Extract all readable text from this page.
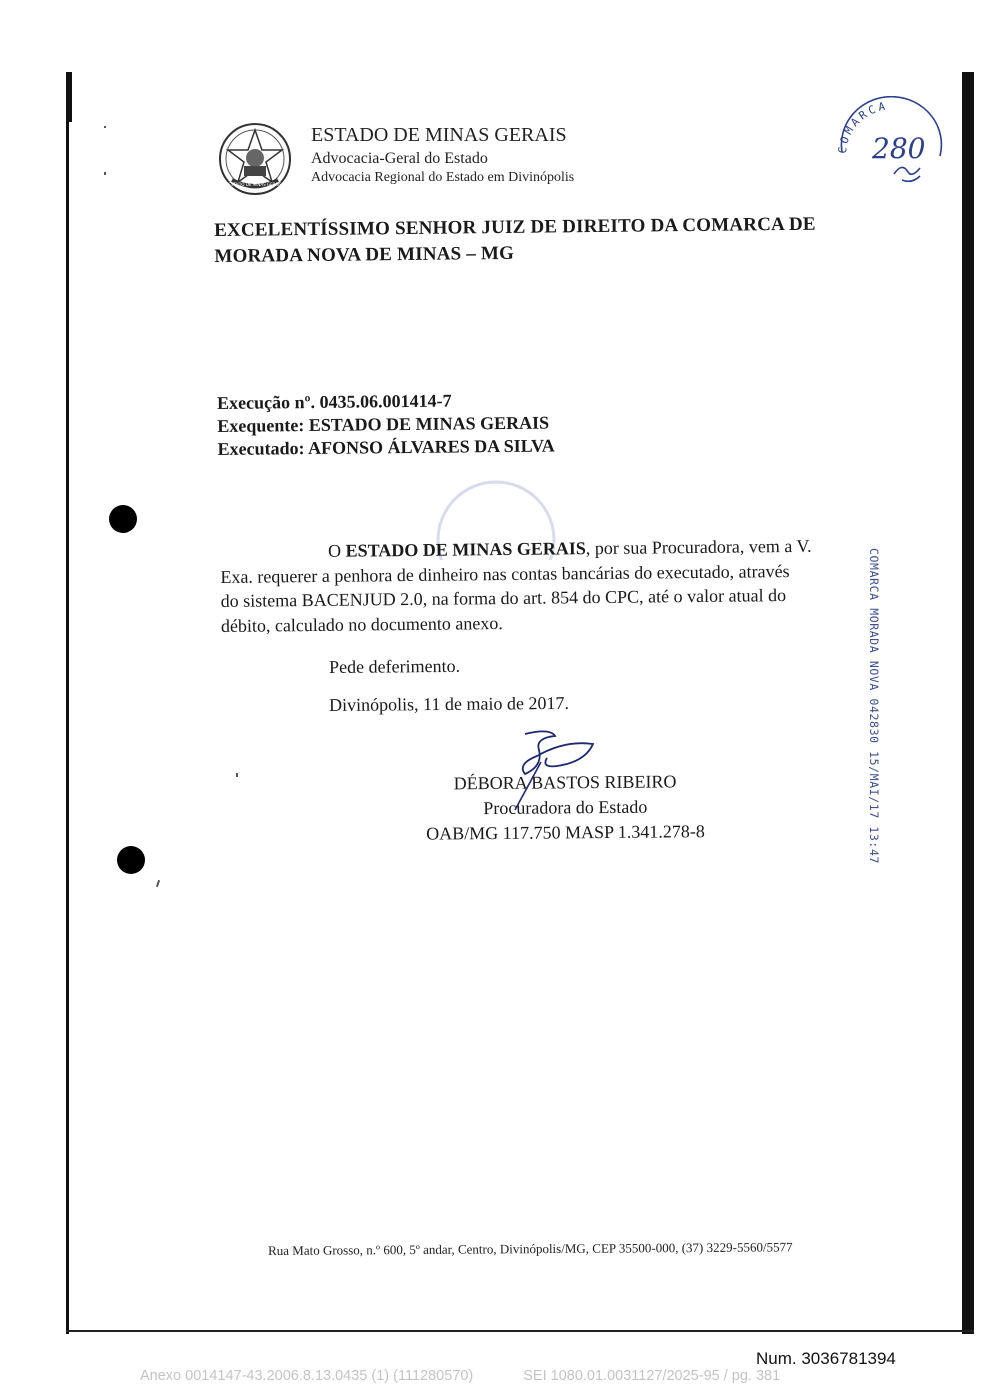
ESTADO DE MINAS GERAIS
ESTADO DE MINAS GERAIS
Advocacia-Geral do Estado
Advocacia Regional do Estado em Divinópolis
COMARCA
280
EXCELENTÍSSIMO SENHOR JUIZ DE DIREITO DA COMARCA DE
MORADA NOVA DE MINAS – MG
Execução nº. 0435.06.001414-7
Exequente: ESTADO DE MINAS GERAIS
Executado: AFONSO ÁLVARES DA SILVA
O ESTADO DE MINAS GERAIS, por sua Procuradora, vem a V.
Exa. requerer a penhora de dinheiro nas contas bancárias do executado, através
do sistema BACENJUD 2.0, na forma do art. 854 do CPC, até o valor atual do
débito, calculado no documento anexo.
Pede deferimento.
Divinópolis, 11 de maio de 2017.
DÉBORA BASTOS RIBEIRO
Procuradora do Estado
OAB/MG 117.750 MASP 1.341.278-8	COMARCA MORADA NOVA 042830 15/MAI/17 13:47
Rua Mato Grosso, n.º 600, 5º andar, Centro, Divinópolis/MG, CEP 35500-000, (37) 3229-5560/5577
Num. 3036781394
Anexo 0014147-43.2006.8.13.0435 (1) (111280570)	SEI 1080.01.0031127/2025-95 / pg. 381
